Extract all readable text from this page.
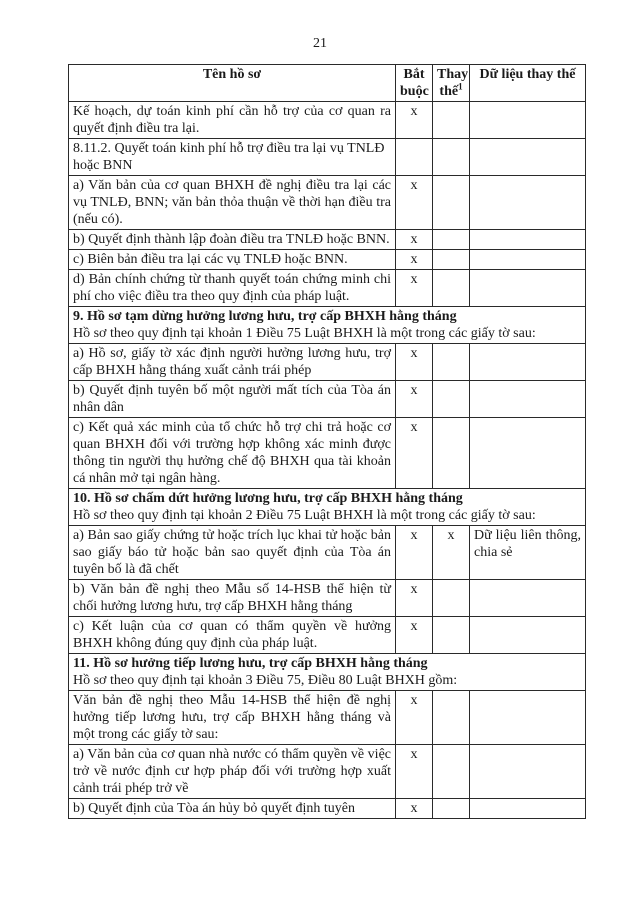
21
Tên hồ sơ	Bắt buộc	Thay thế$^1$	Dữ liệu thay thế
Kế hoạch, dự toán kinh phí cần hỗ trợ của cơ quan ra quyết định điều tra lại.	x		
8.11.2. Quyết toán kinh phí hỗ trợ điều tra lại vụ TNLĐ hoặc BNN			
a) Văn bản của cơ quan BHXH đề nghị điều tra lại các vụ TNLĐ, BNN; văn bản thỏa thuận về thời hạn điều tra (nếu có).	x		
b) Quyết định thành lập đoàn điều tra TNLĐ hoặc BNN.	x		
c) Biên bản điều tra lại các vụ TNLĐ hoặc BNN.	x		
d) Bản chính chứng từ thanh quyết toán chứng minh chi phí cho việc điều tra theo quy định của pháp luật.	x		

9. Hồ sơ tạm dừng hưởng lương hưu, trợ cấp BHXH hằng tháng
Hồ sơ theo quy định tại khoản 1 Điều 75 Luật BHXH là một trong các giấy tờ sau:			

a) Hồ sơ, giấy tờ xác định người hưởng lương hưu, trợ cấp BHXH hằng tháng xuất cảnh trái phép	x		
b) Quyết định tuyên bố một người mất tích của Tòa án nhân dân	x		
c) Kết quả xác minh của tổ chức hỗ trợ chi trả hoặc cơ quan BHXH đối với trường hợp không xác minh được thông tin người thụ hưởng chế độ BHXH qua tài khoản cá nhân mở tại ngân hàng.	x		

10. Hồ sơ chấm dứt hưởng lương hưu, trợ cấp BHXH hằng tháng
Hồ sơ theo quy định tại khoản 2 Điều 75 Luật BHXH là một trong các giấy tờ sau:			

a) Bản sao giấy chứng tử hoặc trích lục khai tử hoặc bản sao giấy báo tử hoặc bản sao quyết định của Tòa án tuyên bố là đã chết	x	x	Dữ liệu liên thông, chia sẻ
b) Văn bản đề nghị theo Mẫu số 14-HSB thể hiện từ chối hưởng lương hưu, trợ cấp BHXH hằng tháng	x		
c) Kết luận của cơ quan có thẩm quyền về hưởng BHXH không đúng quy định của pháp luật.	x		

11. Hồ sơ hưởng tiếp lương hưu, trợ cấp BHXH hằng tháng
Hồ sơ theo quy định tại khoản 3 Điều 75, Điều 80 Luật BHXH gồm:			

Văn bản đề nghị theo Mẫu 14-HSB thể hiện đề nghị hưởng tiếp lương hưu, trợ cấp BHXH hằng tháng và một trong các giấy tờ sau:	x		
a) Văn bản của cơ quan nhà nước có thẩm quyền về việc trở về nước định cư hợp pháp đối với trường hợp xuất cảnh trái phép trở về	x		
b) Quyết định của Tòa án hủy bỏ quyết định tuyên	x		
